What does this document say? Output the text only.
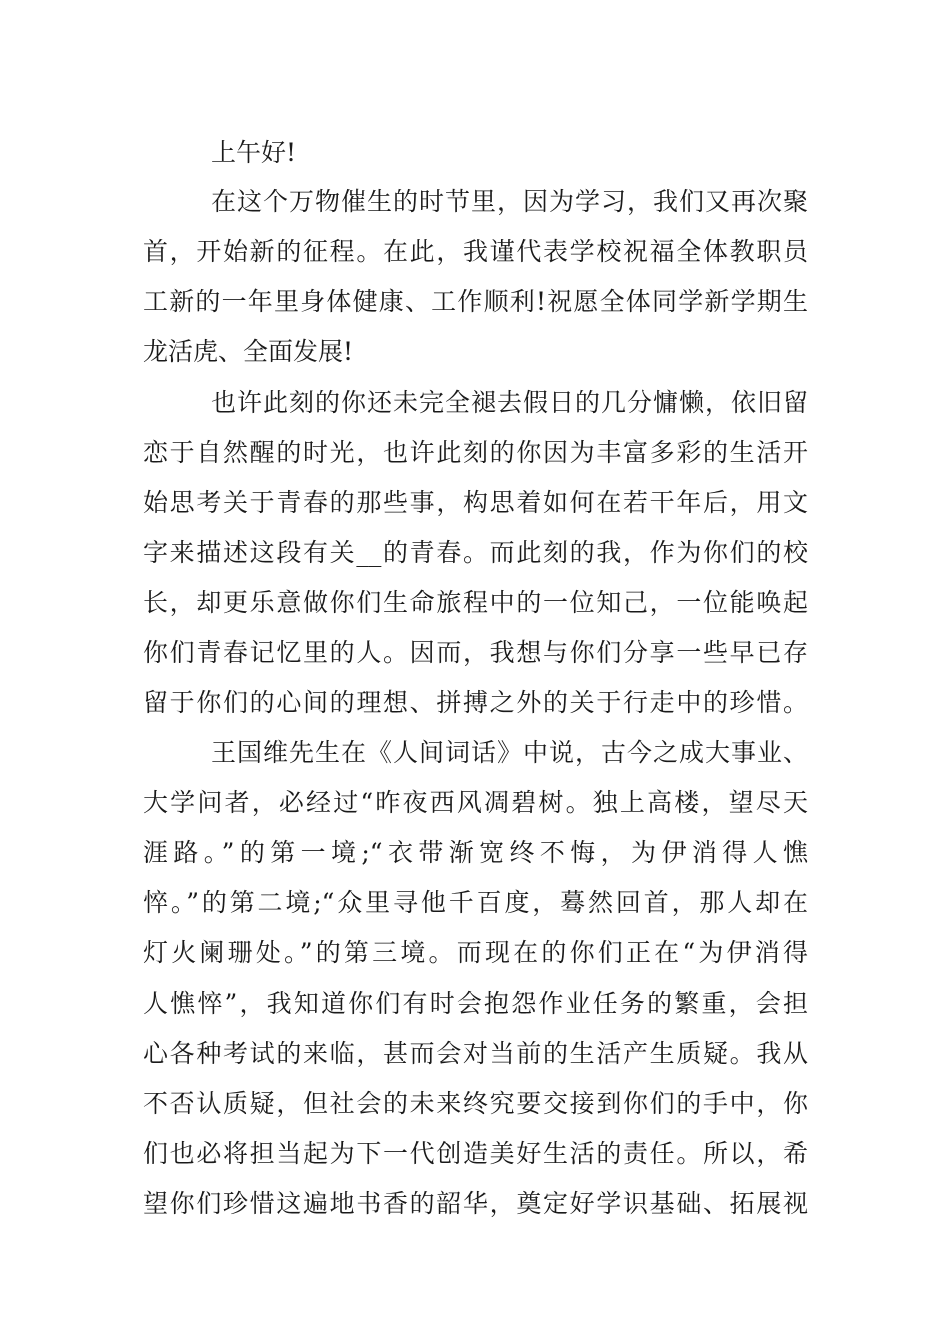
上午好!
在这个万物催生的时节里，因为学习，我们又再次聚
首，开始新的征程。在此，我谨代表学校祝福全体教职员
工新的一年里身体健康、工作顺利!祝愿全体同学新学期生
龙活虎、全面发展!
也许此刻的你还未完全褪去假日的几分慵懒，依旧留
恋于自然醒的时光，也许此刻的你因为丰富多彩的生活开
始思考关于青春的那些事，构思着如何在若干年后，用文
字来描述这段有关__的青春。而此刻的我，作为你们的校
长，却更乐意做你们生命旅程中的一位知己，一位能唤起
你们青春记忆里的人。因而，我想与你们分享一些早已存
留于你们的心间的理想、拼搏之外的关于行走中的珍惜。
王国维先生在《人间词话》中说，古今之成大事业、
大学问者，必经过“昨夜西风凋碧树。独上高楼，望尽天
涯路。”的第一境;“衣带渐宽终不悔，为伊消得人憔
悴。”的第二境;“众里寻他千百度，蓦然回首，那人却在
灯火阑珊处。”的第三境。而现在的你们正在“为伊消得
人憔悴”，我知道你们有时会抱怨作业任务的繁重，会担
心各种考试的来临，甚而会对当前的生活产生质疑。我从
不否认质疑，但社会的未来终究要交接到你们的手中，你
们也必将担当起为下一代创造美好生活的责任。所以，希
望你们珍惜这遍地书香的韶华，奠定好学识基础、拓展视
